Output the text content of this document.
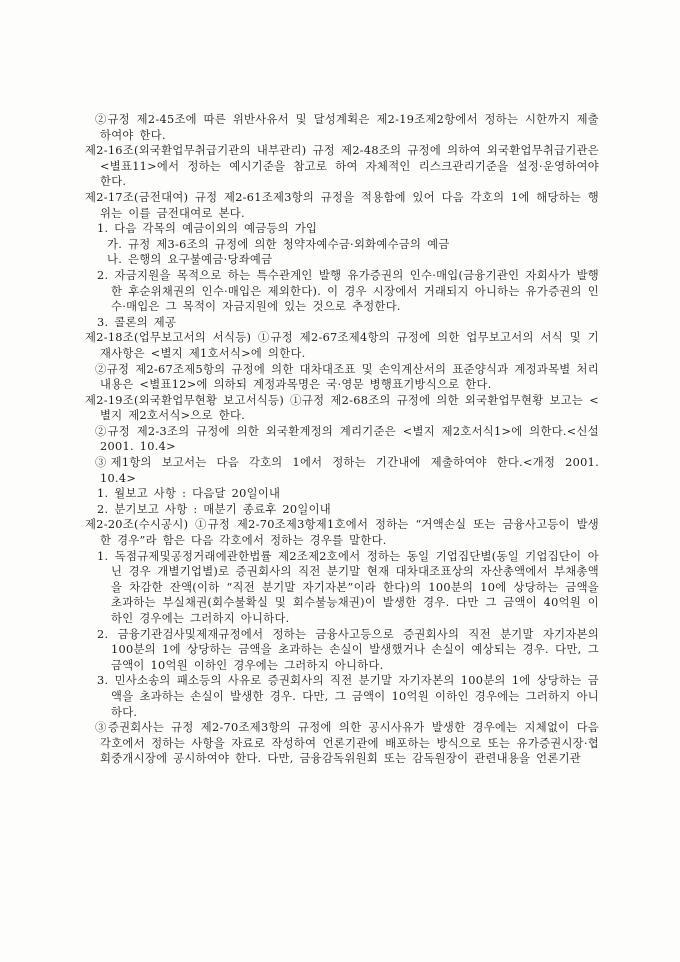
②규정 제2-45조에 따른 위반사유서 및 달성계획은 제2-19조제2항에서 정하는 시한까지 제출하여야 한다.
제2-16조(외국환업무취급기관의 내부관리) 규정 제2-48조의 규정에 의하여 외국환업무취급기관은 <별표11>에서 정하는 예시기준을 참고로 하여 자체적인 리스크관리기준을 설정·운영하여야 한다.
제2-17조(금전대여) 규정 제2-61조제3항의 규정을 적용함에 있어 다음 각호의 1에 해당하는 행위는 이를 금전대여로 본다.
1. 다음 각목의 예금이외의 예금등의 가입
가. 규정 제3-6조의 규정에 의한 청약자예수금·외화예수금의 예금
나. 은행의 요구불예금·당좌예금
2. 자금지원을 목적으로 하는 특수관계인 발행 유가증권의 인수·매입(금융기관인 자회사가 발행한 후순위채권의 인수·매입은 제외한다). 이 경우 시장에서 거래되지 아니하는 유가증권의 인수·매입은 그 목적이 자금지원에 있는 것으로 추정한다.
3. 콜론의 제공
제2-18조(업무보고서의 서식등) ①규정 제2-67조제4항의 규정에 의한 업무보고서의 서식 및 기재사항은 <별지 제1호서식>에 의한다.
②규정 제2-67조제5항의 규정에 의한 대차대조표 및 손익계산서의 표준양식과 계정과목별 처리내용은 <별표12>에 의하되 계정과목명은 국·영문 병행표기방식으로 한다.
제2-19조(외국환업무현황 보고서식등) ①규정 제2-68조의 규정에 의한 외국환업무현황 보고는 <별지 제2호서식>으로 한다.
②규정 제2-3조의 규정에 의한 외국환계정의 계리기준은 <별지 제2호서식1>에 의한다.<신설 2001. 10.4>
③제1항의 보고서는 다음 각호의 1에서 정하는 기간내에 제출하여야 한다.<개정 2001. 10.4>
1. 월보고 사항 : 다음달 20일이내
2. 분기보고 사항 : 매분기 종료후 20일이내
제2-20조(수시공시) ①규정 제2-70조제3항제1호에서 정하는 “거액손실 또는 금융사고등이 발생한 경우”라 함은 다음 각호에서 정하는 경우를 말한다.
1. 독점규제및공정거래에관한법률 제2조제2호에서 정하는 동일 기업집단별(동일 기업집단이 아닌 경우 개별기업별)로 증권회사의 직전 분기말 현재 대차대조표상의 자산총액에서 부채총액을 차감한 잔액(이하 “직전 분기말 자기자본”이라 한다)의 100분의 10에 상당하는 금액을 초과하는 부실채권(회수불확실 및 회수불능채권)이 발생한 경우. 다만 그 금액이 40억원 이하인 경우에는 그러하지 아니하다.
2. 금융기관검사및제재규정에서 정하는 금융사고등으로 증권회사의 직전 분기말 자기자본의 100분의 1에 상당하는 금액을 초과하는 손실이 발생했거나 손실이 예상되는 경우. 다만, 그 금액이 10억원 이하인 경우에는 그러하지 아니하다.
3. 민사소송의 패소등의 사유로 증권회사의 직전 분기말 자기자본의 100분의 1에 상당하는 금액을 초과하는 손실이 발생한 경우. 다만, 그 금액이 10억원 이하인 경우에는 그러하지 아니하다.
③증권회사는 규정 제2-70조제3항의 규정에 의한 공시사유가 발생한 경우에는 지체없이 다음 각호에서 정하는 사항을 자료로 작성하여 언론기관에 배포하는 방식으로 또는 유가증권시장·협회중개시장에 공시하여야 한다. 다만, 금융감독위원회 또는 감독원장이 관련내용을 언론기관
